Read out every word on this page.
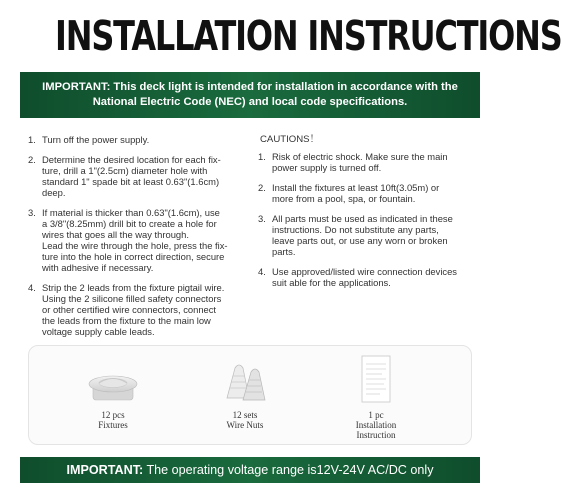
INSTALLATION INSTRUCTIONS
IMPORTANT: This deck light is intended for installation in accordance with the
National Electric Code (NEC) and local code specifications.
1. Turn off the power supply.
2. Determine the desired location for each fix-
ture, drill a 1"(2.5cm) diameter hole with
standard 1" spade bit at least 0.63"(1.6cm)
deep.
3. If material is thicker than 0.63"(1.6cm), use
a 3/8"(8.25mm) drill bit to create a hole for
wires that goes all the way through.
Lead the wire through the hole, press the fix-
ture into the hole in correct direction, secure
with adhesive if necessary.
4. Strip the 2 leads from the fixture pigtail wire.
Using the 2 silicone filled safety connectors
or other certified wire connectors, connect
the leads from the fixture to the main low
voltage supply cable leads.
CAUTIONS！
1. Risk of electric shock. Make sure the main
power supply is turned off.
2. Install the fixtures at least 10ft(3.05m) or
more from a pool, spa, or fountain.
3. All parts must be used as indicated in these
instructions. Do not substitute any parts,
leave parts out, or use any worn or broken
parts.
4. Use approved/listed wire connection devices
suit able for the applications.
12 pcs
Fixtures
12 sets
Wire Nuts
1 pc
Installation
Instruction
IMPORTANT: The operating voltage range is12V-24V AC/DC only
